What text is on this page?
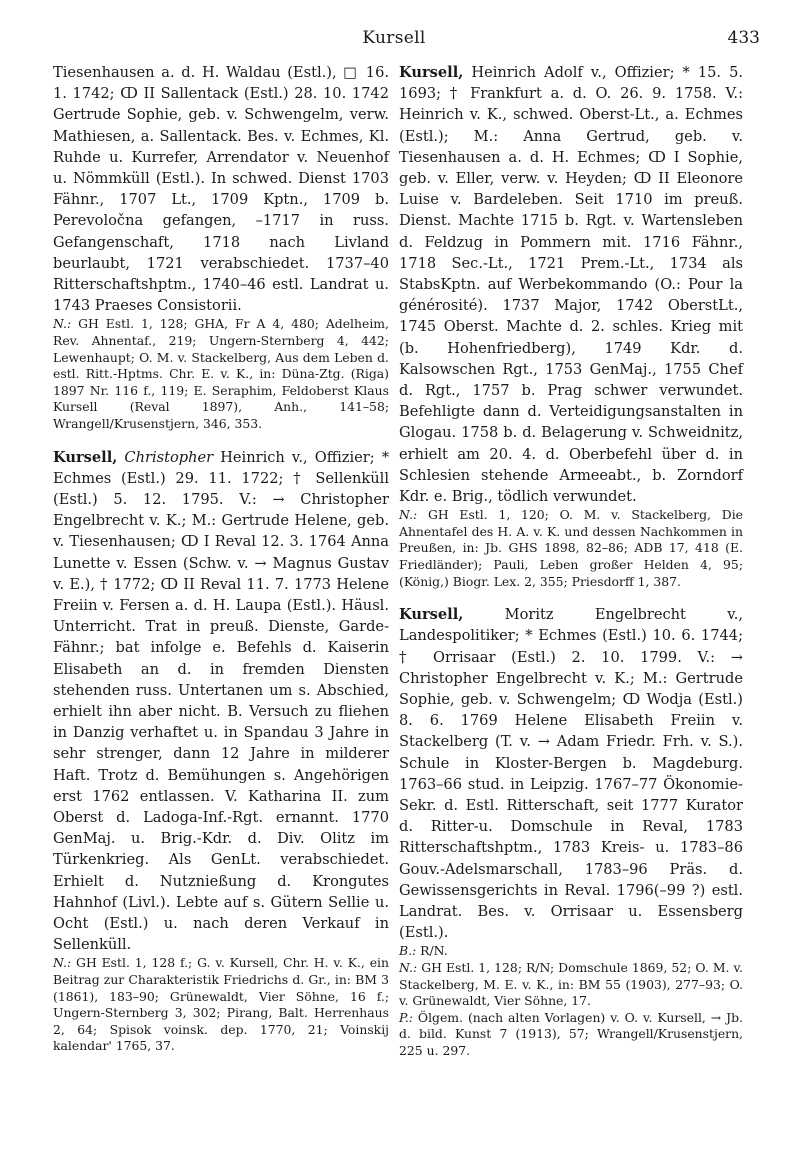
Kursell	433

Tiesenhausen a. d. H. Waldau (Estl.), □ 16. 1. 1742; ↀ II Sallentack (Estl.) 28. 10. 1742 Gertrude Sophie, geb. v. Schwengelm, verw. Mathiesen, a. Sallentack. Bes. v. Echmes, Kl. Ruhde u. Kurrefer, Arrendator v. Neuenhof u. Nömmküll (Estl.). In schwed. Dienst 1703 Fähnr., 1707 Lt., 1709 Kptn., 1709 b. Perevoločna gefangen, –1717 in russ. Gefangenschaft, 1718 nach Livland beurlaubt, 1721 verabschiedet. 1737–40 Ritterschaftshptm., 1740–46 estl. Landrat u. 1743 Praeses Consistorii.

N.: GH Estl. 1, 128; GHA, Fr A 4, 480; Adelheim, Rev. Ahnentaf., 219; Ungern-Sternberg 4, 442; Lewenhaupt; O. M. v. Stackelberg, Aus dem Leben d. estl. Ritt.-Hptms. Chr. E. v. K., in: Düna-Ztg. (Riga) 1897 Nr. 116 f., 119; E. Seraphim, Feldoberst Klaus Kursell (Reval 1897), Anh., 141–58; Wrangell/Krusenstjern, 346, 353.

Kursell, Christopher Heinrich v., Offizier; * Echmes (Estl.) 29. 11. 1722; † Sellenküll (Estl.) 5. 12. 1795. V.: → Christopher Engelbrecht v. K.; M.: Gertrude Helene, geb. v. Tiesenhausen; ↀ I Reval 12. 3. 1764 Anna Lunette v. Essen (Schw. v. → Magnus Gustav v. E.), † 1772; ↀ II Reval 11. 7. 1773 Helene Freiin v. Fersen a. d. H. Laupa (Estl.). Häusl. Unterricht. Trat in preuß. Dienste, Garde-Fähnr.; bat infolge e. Befehls d. Kaiserin Elisabeth an d. in fremden Diensten stehenden russ. Untertanen um s. Abschied, erhielt ihn aber nicht. B. Versuch zu fliehen in Danzig verhaftet u. in Spandau 3 Jahre in sehr strenger, dann 12 Jahre in milderer Haft. Trotz d. Bemühungen s. Angehörigen erst 1762 entlassen. V. Katharina II. zum Oberst d. Ladoga-Inf.-Rgt. ernannt. 1770 GenMaj. u. Brig.-Kdr. d. Div. Olitz im Türkenkrieg. Als GenLt. verabschiedet. Erhielt d. Nutznießung d. Krongutes Hahnhof (Livl.). Lebte auf s. Gütern Sellie u. Ocht (Estl.) u. nach deren Verkauf in Sellenküll.

N.: GH Estl. 1, 128 f.; G. v. Kursell, Chr. H. v. K., ein Beitrag zur Charakteristik Friedrichs d. Gr., in: BM 3 (1861), 183–90; Grünewaldt, Vier Söhne, 16 f.; Ungern-Sternberg 3, 302; Pirang, Balt. Herrenhaus 2, 64; Spisok voinsk. dep. 1770, 21; Voinskij kalendar' 1765, 37.

Kursell, Heinrich Adolf v., Offizier; * 15. 5. 1693; † Frankfurt a. d. O. 26. 9. 1758. V.: Heinrich v. K., schwed. Oberst-Lt., a. Echmes (Estl.); M.: Anna Gertrud, geb. v. Tiesenhausen a. d. H. Echmes; ↀ I Sophie, geb. v. Eller, verw. v. Heyden; ↀ II Eleonore Luise v. Bardeleben. Seit 1710 im preuß. Dienst. Machte 1715 b. Rgt. v. Wartensleben d. Feldzug in Pommern mit. 1716 Fähnr., 1718 Sec.-Lt., 1721 Prem.-Lt., 1734 als StabsKptn. auf Werbekommando (O.: Pour la générosité). 1737 Major, 1742 OberstLt., 1745 Oberst. Machte d. 2. schles. Krieg mit (b. Hohenfriedberg), 1749 Kdr. d. Kalsowschen Rgt., 1753 GenMaj., 1755 Chef d. Rgt., 1757 b. Prag schwer verwundet. Befehligte dann d. Verteidigungsanstalten in Glogau. 1758 b. d. Belagerung v. Schweidnitz, erhielt am 20. 4. d. Oberbefehl über d. in Schlesien stehende Armeeabt., b. Zorndorf Kdr. e. Brig., tödlich verwundet.

N.: GH Estl. 1, 120; O. M. v. Stackelberg, Die Ahnentafel des H. A. v. K. und dessen Nachkommen in Preußen, in: Jb. GHS 1898, 82–86; ADB 17, 418 (E. Friedländer); Pauli, Leben großer Helden 4, 95; (König,) Biogr. Lex. 2, 355; Priesdorff 1, 387.

Kursell, Moritz Engelbrecht v., Landespolitiker; * Echmes (Estl.) 10. 6. 1744; † Orrisaar (Estl.) 2. 10. 1799. V.: → Christopher Engelbrecht v. K.; M.: Gertrude Sophie, geb. v. Schwengelm; ↀ Wodja (Estl.) 8. 6. 1769 Helene Elisabeth Freiin v. Stackelberg (T. v. → Adam Friedr. Frh. v. S.). Schule in Kloster-Bergen b. Magdeburg. 1763–66 stud. in Leipzig. 1767–77 Ökonomie-Sekr. d. Estl. Ritterschaft, seit 1777 Kurator d. Ritter-u. Domschule in Reval, 1783 Ritterschaftshptm., 1783 Kreis- u. 1783–86 Gouv.-Adelsmarschall, 1783–96 Präs. d. Gewissensgerichts in Reval. 1796(–99 ?) estl. Landrat. Bes. v. Orrisaar u. Essensberg (Estl.).

B.: R/N.

N.: GH Estl. 1, 128; R/N; Domschule 1869, 52; O. M. v. Stackelberg, M. E. v. K., in: BM 55 (1903), 277–93; O. v. Grünewaldt, Vier Söhne, 17.

P.: Ölgem. (nach alten Vorlagen) v. O. v. Kursell, → Jb. d. bild. Kunst 7 (1913), 57; Wrangell/Krusenstjern, 225 u. 297.
